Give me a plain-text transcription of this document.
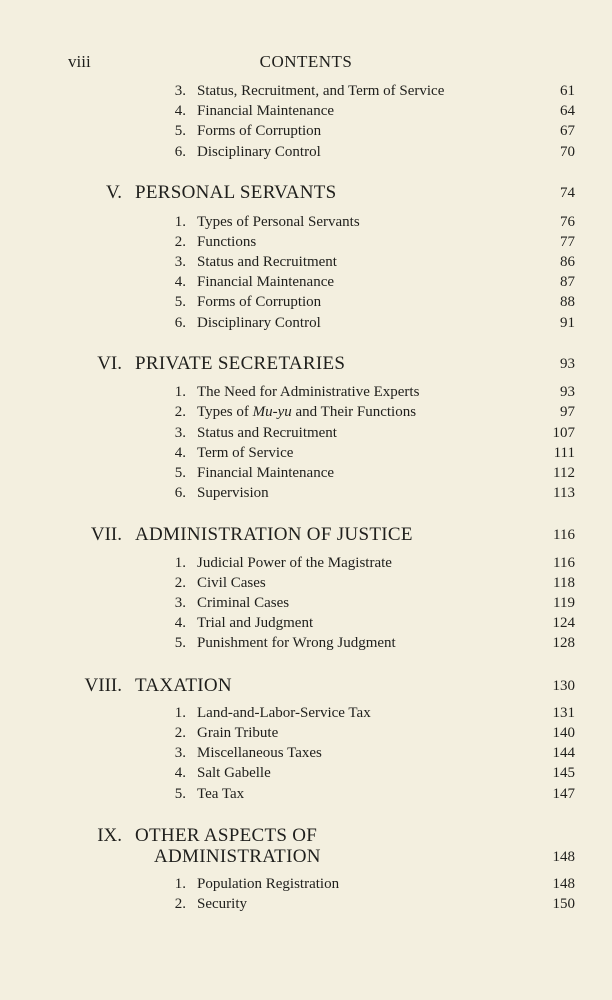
viii	CONTENTS
3. Status, Recruitment, and Term of Service	61
4. Financial Maintenance	64
5. Forms of Corruption	67
6. Disciplinary Control	70
V. PERSONAL SERVANTS	74
1. Types of Personal Servants	76
2. Functions	77
3. Status and Recruitment	86
4. Financial Maintenance	87
5. Forms of Corruption	88
6. Disciplinary Control	91
VI. PRIVATE SECRETARIES	93
1. The Need for Administrative Experts	93
2. Types of Mu-yu and Their Functions	97
3. Status and Recruitment	107
4. Term of Service	111
5. Financial Maintenance	112
6. Supervision	113
VII. ADMINISTRATION OF JUSTICE	116
1. Judicial Power of the Magistrate	116
2. Civil Cases	118
3. Criminal Cases	119
4. Trial and Judgment	124
5. Punishment for Wrong Judgment	128
VIII. TAXATION	130
1. Land-and-Labor-Service Tax	131
2. Grain Tribute	140
3. Miscellaneous Taxes	144
4. Salt Gabelle	145
5. Tea Tax	147
IX. OTHER ASPECTS OF
ADMINISTRATION	148
1. Population Registration	148
2. Security	150
